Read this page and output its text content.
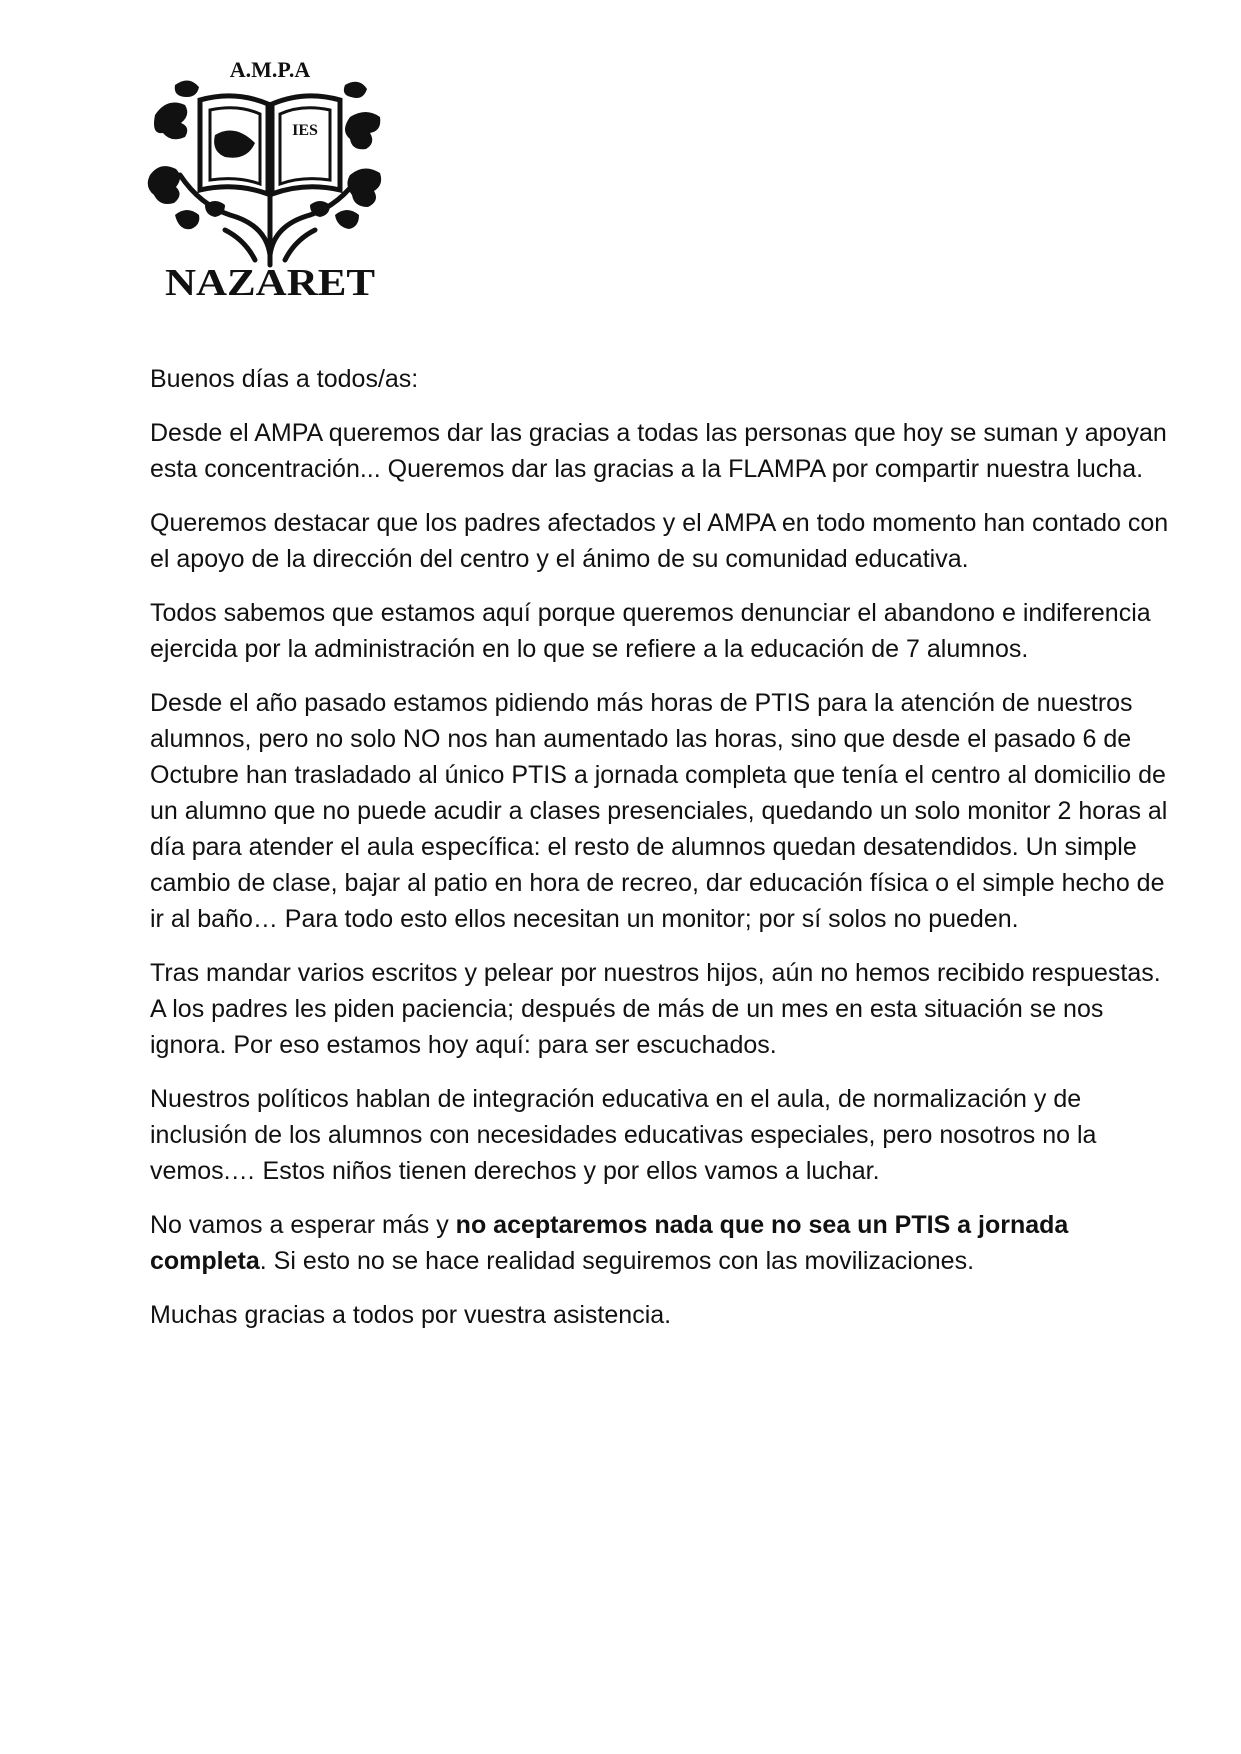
IES
A.M.P.A
NAZARET

Buenos días a todos/as:

Desde el AMPA queremos dar las gracias a todas las personas que hoy se suman y apoyan esta concentración... Queremos dar las gracias a la FLAMPA por compartir nuestra lucha.

Queremos destacar que los padres afectados y el AMPA en todo momento han contado con el apoyo de la dirección del centro y el ánimo de su comunidad educativa.

Todos sabemos que estamos aquí porque queremos denunciar el abandono e indiferencia ejercida por la administración en lo que se refiere a la educación de 7 alumnos.

Desde el año pasado estamos pidiendo más horas de PTIS para la atención de nuestros alumnos, pero no solo NO nos han aumentado las horas, sino que desde el pasado 6 de Octubre han trasladado al único PTIS a jornada completa que tenía el centro al domicilio de un alumno que no puede acudir a clases presenciales, quedando un solo monitor 2 horas al día para atender el aula específica: el resto de alumnos quedan desatendidos. Un simple cambio de clase, bajar al patio en hora de recreo, dar educación física o el simple hecho de ir al baño… Para todo esto ellos necesitan un monitor; por sí solos no pueden.

Tras mandar varios escritos y pelear por nuestros hijos, aún no hemos recibido respuestas. A los padres les piden paciencia; después de más de un mes en esta situación se nos ignora. Por eso estamos hoy aquí: para ser escuchados.

Nuestros políticos hablan de integración educativa en el aula, de normalización y de inclusión de los alumnos con necesidades educativas especiales, pero nosotros no la vemos.… Estos niños tienen derechos y por ellos vamos a luchar.

No vamos a esperar más y no aceptaremos nada que no sea un PTIS a jornada completa. Si esto no se hace realidad seguiremos con las movilizaciones.

Muchas gracias a todos por vuestra asistencia.
